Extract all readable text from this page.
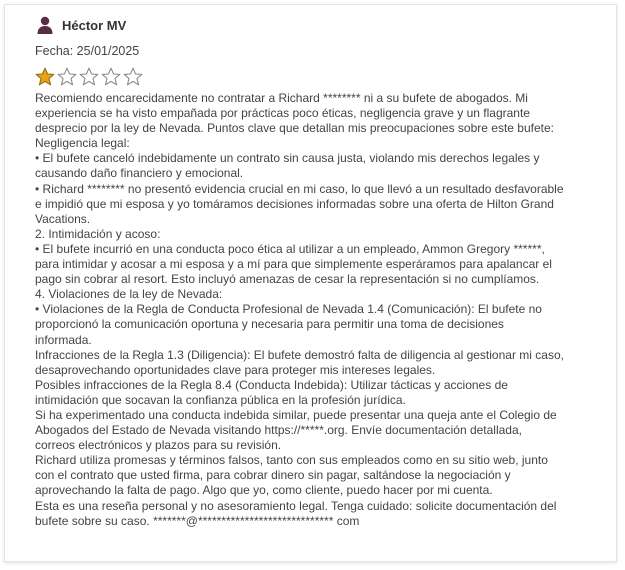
Héctor MV
Fecha: 25/01/2025
Recomiendo encarecidamente no contratar a Richard ******** ni a su bufete de abogados. Mi
experiencia se ha visto empañada por prácticas poco éticas, negligencia grave y un flagrante
desprecio por la ley de Nevada. Puntos clave que detallan mis preocupaciones sobre este bufete:
Negligencia legal:
• El bufete canceló indebidamente un contrato sin causa justa, violando mis derechos legales y
causando daño financiero y emocional.
• Richard ******** no presentó evidencia crucial en mi caso, lo que llevó a un resultado desfavorable
e impidió que mi esposa y yo tomáramos decisiones informadas sobre una oferta de Hilton Grand
Vacations.
2. Intimidación y acoso:
• El bufete incurrió en una conducta poco ética al utilizar a un empleado, Ammon Gregory ******,
para intimidar y acosar a mi esposa y a mí para que simplemente esperáramos para apalancar el
pago sin cobrar al resort. Esto incluyó amenazas de cesar la representación si no cumplíamos.
4. Violaciones de la ley de Nevada:
• Violaciones de la Regla de Conducta Profesional de Nevada 1.4 (Comunicación): El bufete no
proporcionó la comunicación oportuna y necesaria para permitir una toma de decisiones
informada.
Infracciones de la Regla 1.3 (Diligencia): El bufete demostró falta de diligencia al gestionar mi caso,
desaprovechando oportunidades clave para proteger mis intereses legales.
Posibles infracciones de la Regla 8.4 (Conducta Indebida): Utilizar tácticas y acciones de
intimidación que socavan la confianza pública en la profesión jurídica.
Si ha experimentado una conducta indebida similar, puede presentar una queja ante el Colegio de
Abogados del Estado de Nevada visitando https://*****.org. Envíe documentación detallada,
correos electrónicos y plazos para su revisión.
Richard utiliza promesas y términos falsos, tanto con sus empleados como en su sitio web, junto
con el contrato que usted firma, para cobrar dinero sin pagar, saltándose la negociación y
aprovechando la falta de pago. Algo que yo, como cliente, puedo hacer por mi cuenta.
Esta es una reseña personal y no asesoramiento legal. Tenga cuidado: solicite documentación del
bufete sobre su caso. *******@***************************** com
